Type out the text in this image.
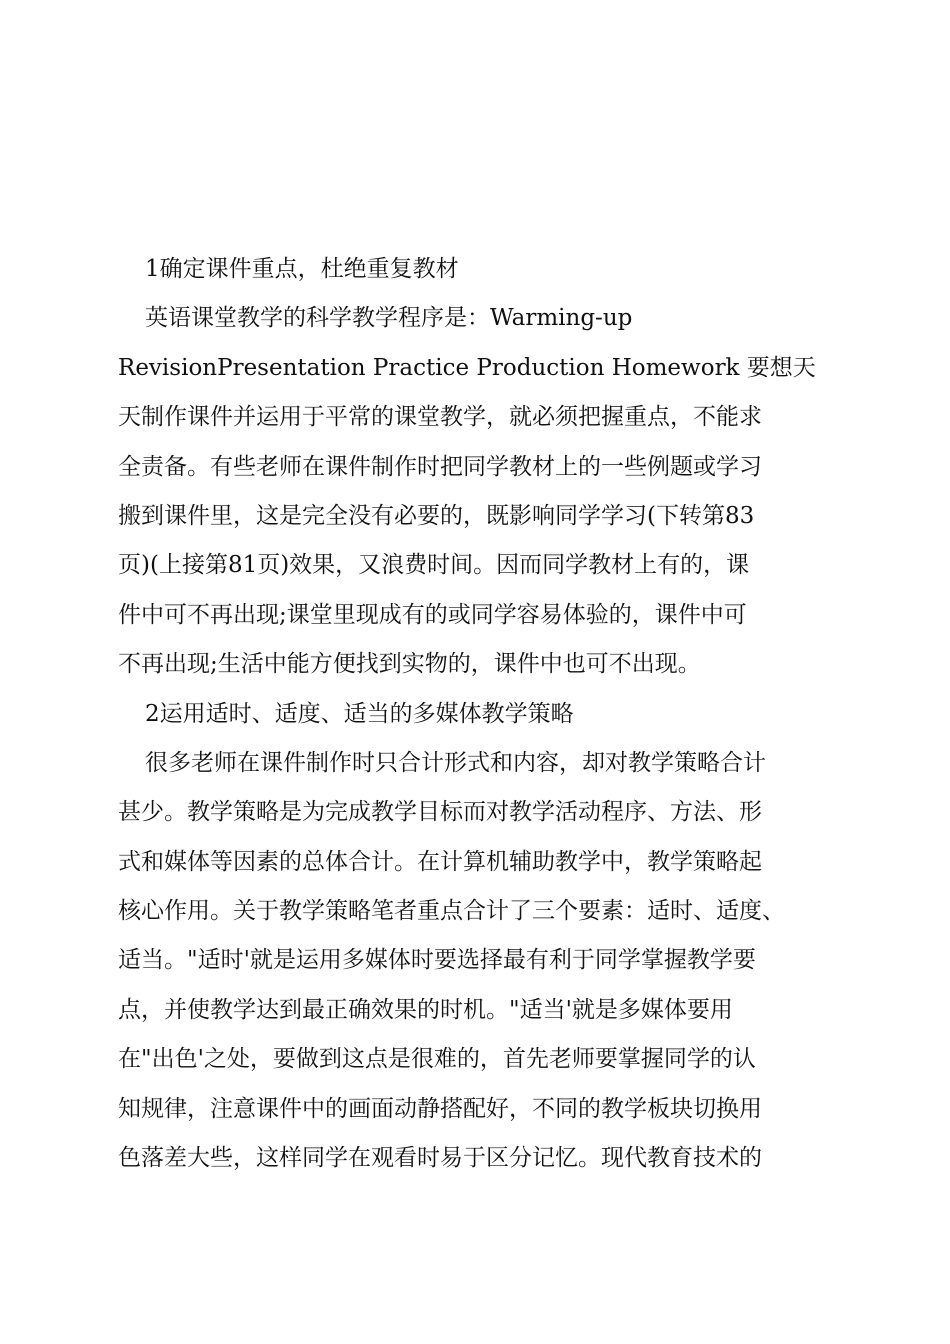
1确定课件重点，杜绝重复教材
英语课堂教学的科学教学程序是：Warming-up
RevisionPresentation Practice Production Homework 要想天
天制作课件并运用于平常的课堂教学，就必须把握重点，不能求
全责备。有些老师在课件制作时把同学教材上的一些例题或学习
搬到课件里，这是完全没有必要的，既影响同学学习(下转第83
页)(上接第81页)效果，又浪费时间。因而同学教材上有的，课
件中可不再出现;课堂里现成有的或同学容易体验的，课件中可
不再出现;生活中能方便找到实物的，课件中也可不出现。
2运用适时、适度、适当的多媒体教学策略
很多老师在课件制作时只合计形式和内容，却对教学策略合计
甚少。教学策略是为完成教学目标而对教学活动程序、方法、形
式和媒体等因素的总体合计。在计算机辅助教学中，教学策略起
核心作用。关于教学策略笔者重点合计了三个要素：适时、适度、
适当。"适时'就是运用多媒体时要选择最有利于同学掌握教学要
点，并使教学达到最正确效果的时机。"适当'就是多媒体要用
在"出色'之处，要做到这点是很难的，首先老师要掌握同学的认
知规律，注意课件中的画面动静搭配好，不同的教学板块切换用
色落差大些，这样同学在观看时易于区分记忆。现代教育技术的
